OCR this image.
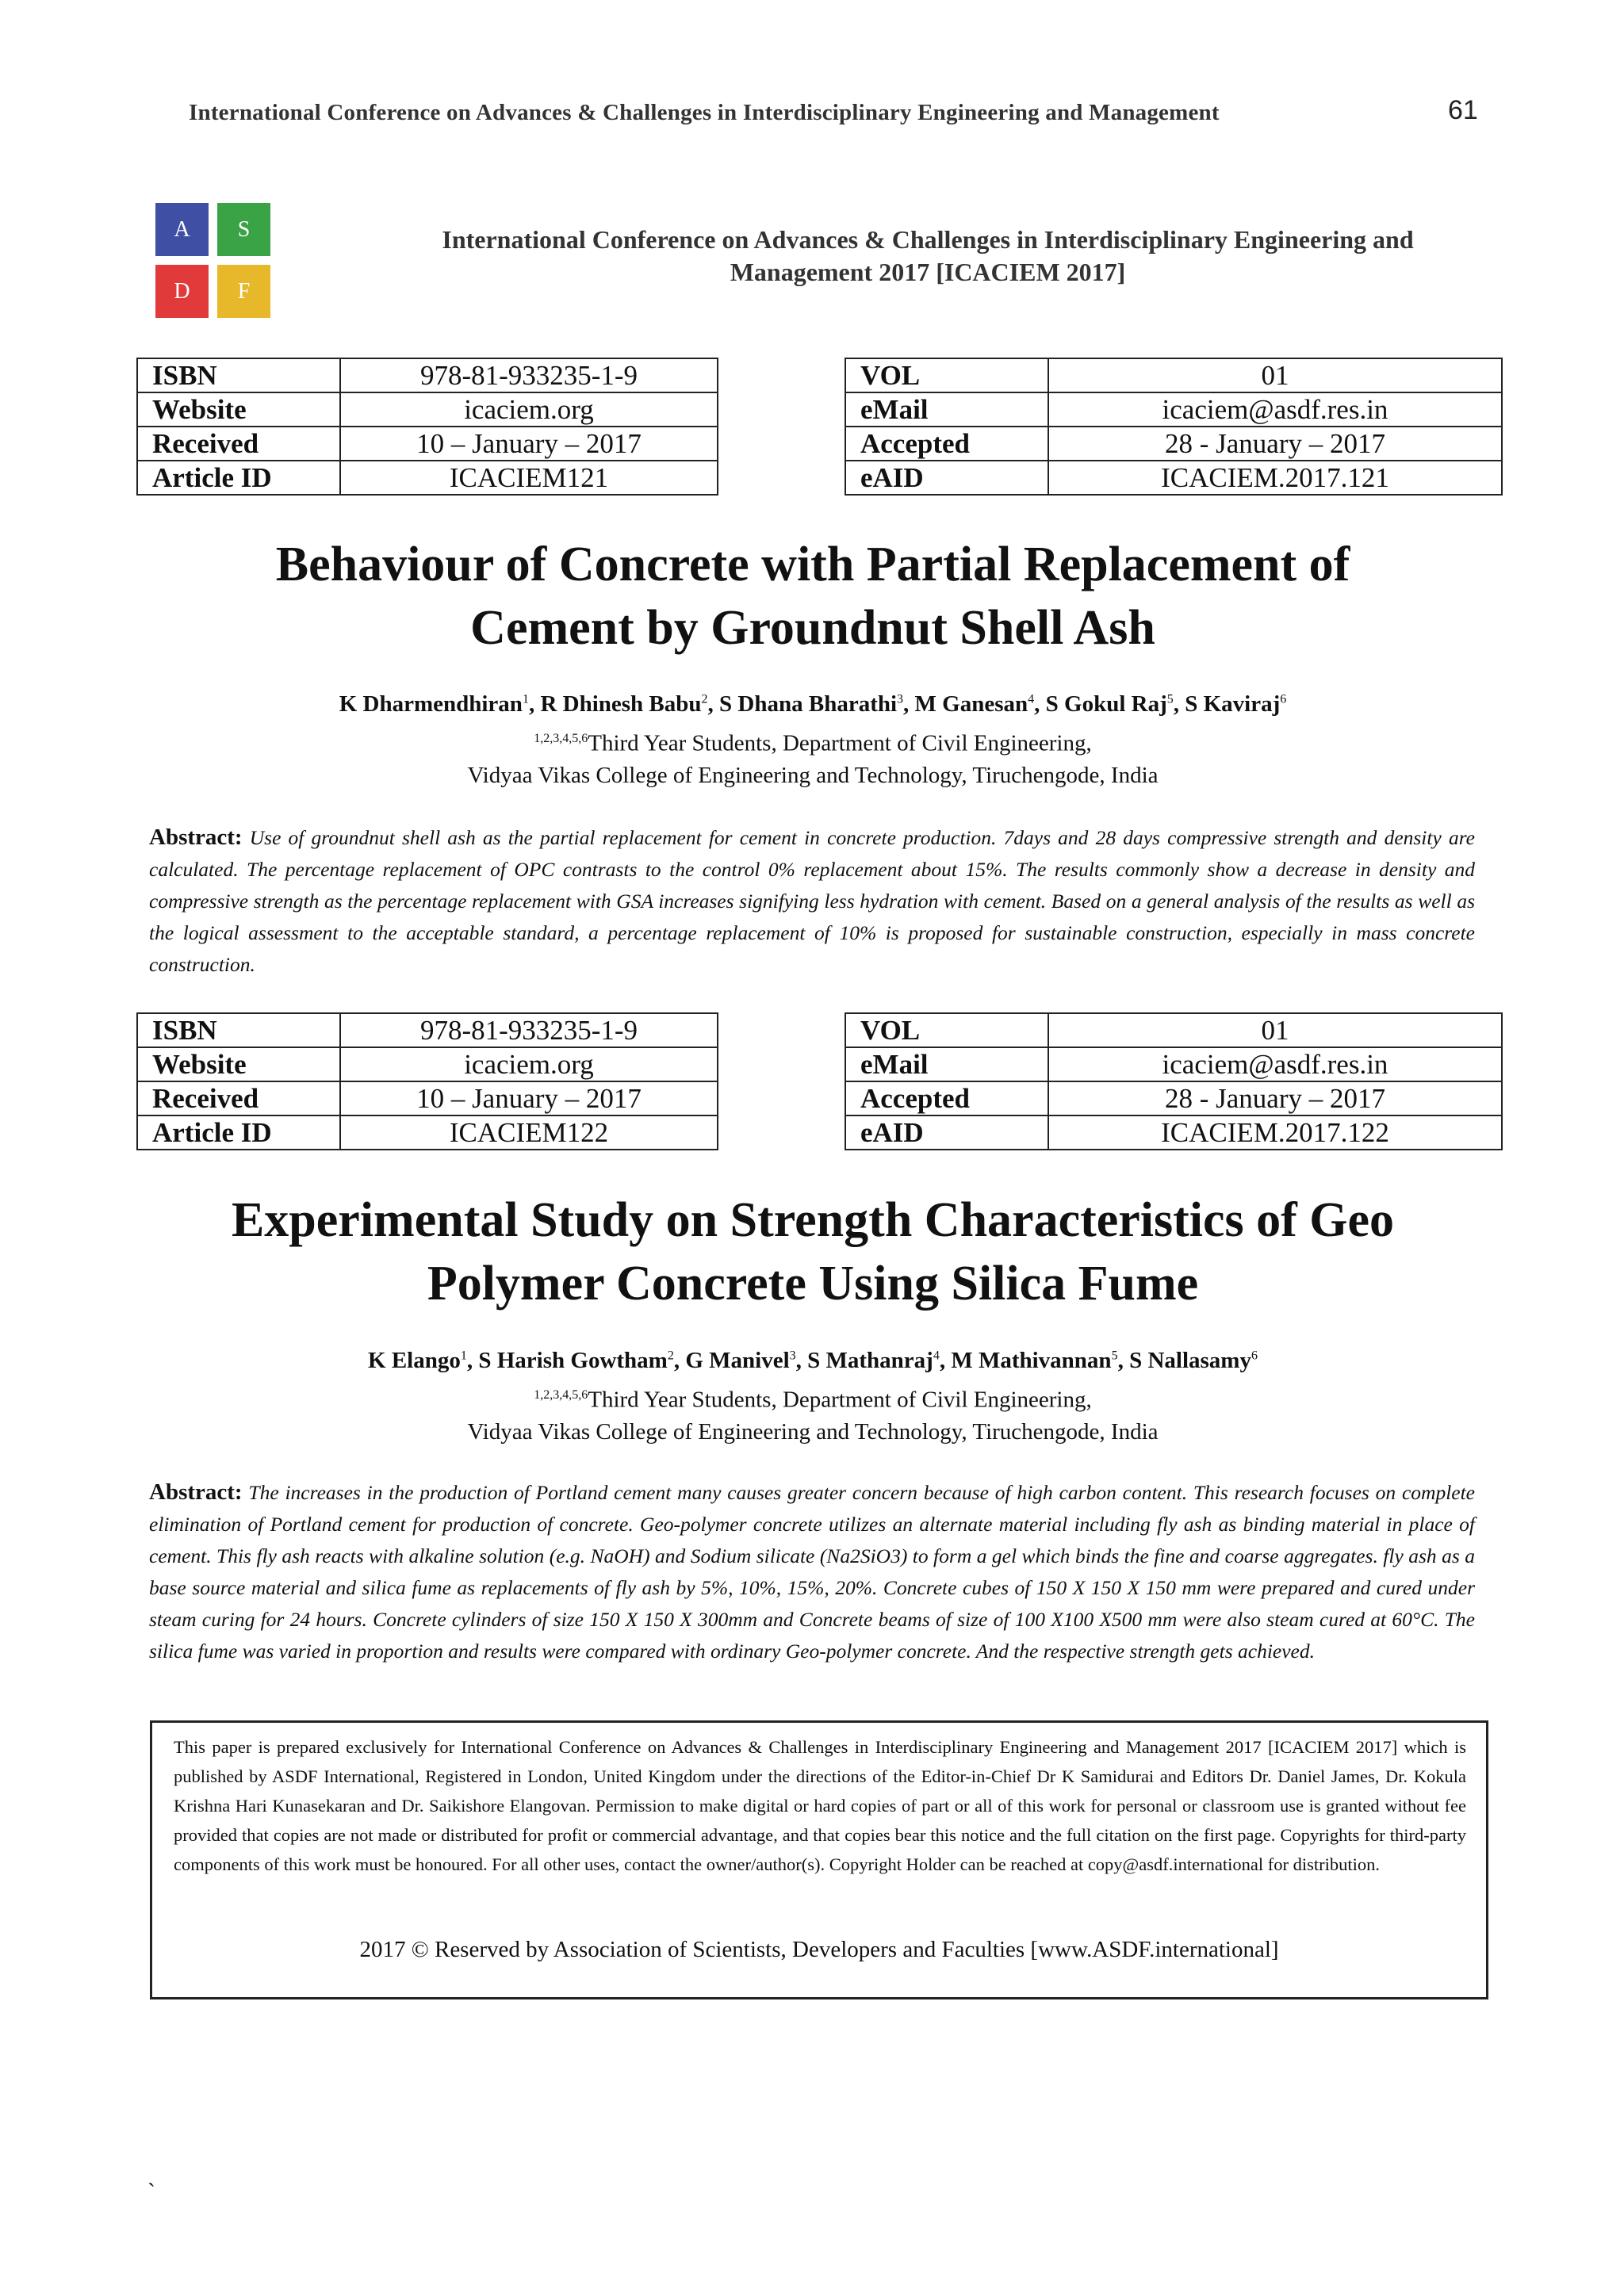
International Conference on Advances & Challenges in Interdisciplinary Engineering and Management	61
A	S
D	F
International Conference on Advances & Challenges in Interdisciplinary Engineering and
Management 2017 [ICACIEM 2017]
ISBN	978-81-933235-1-9
Website	icaciem.org
Received	10 – January – 2017
Article ID	ICACIEM121
VOL	01
eMail	icaciem@asdf.res.in
Accepted	28 - January – 2017
eAID	ICACIEM.2017.121
Behaviour of Concrete with Partial Replacement of
Cement by Groundnut Shell Ash
K Dharmendhiran$^1$, R Dhinesh Babu$^2$, S Dhana Bharathi$^3$, M Ganesan$^4$, S Gokul Raj$^5$, S Kaviraj$^6$
$^{1,2,3,4,5,6}$Third Year Students, Department of Civil Engineering,
Vidyaa Vikas College of Engineering and Technology, Tiruchengode, India
Abstract: Use of groundnut shell ash as the partial replacement for cement in concrete production. 7days and 28 days compressive strength and density are calculated. The percentage replacement of OPC contrasts to the control 0% replacement about 15%. The results commonly show a decrease in density and compressive strength as the percentage replacement with GSA increases signifying less hydration with cement. Based on a general analysis of the results as well as the logical assessment to the acceptable standard, a percentage replacement of 10% is proposed for sustainable construction, especially in mass concrete construction.
ISBN	978-81-933235-1-9
Website	icaciem.org
Received	10 – January – 2017
Article ID	ICACIEM122
VOL	01
eMail	icaciem@asdf.res.in
Accepted	28 - January – 2017
eAID	ICACIEM.2017.122
Experimental Study on Strength Characteristics of Geo
Polymer Concrete Using Silica Fume
K Elango$^1$, S Harish Gowtham$^2$, G Manivel$^3$, S Mathanraj$^4$, M Mathivannan$^5$, S Nallasamy$^6$
$^{1,2,3,4,5,6}$Third Year Students, Department of Civil Engineering,
Vidyaa Vikas College of Engineering and Technology, Tiruchengode, India
Abstract: The increases in the production of Portland cement many causes greater concern because of high carbon content. This research focuses on complete elimination of Portland cement for production of concrete. Geo-polymer concrete utilizes an alternate material including fly ash as binding material in place of cement. This fly ash reacts with alkaline solution (e.g. NaOH) and Sodium silicate (Na2SiO3) to form a gel which binds the fine and coarse aggregates. fly ash as a base source material and silica fume as replacements of fly ash by 5%, 10%, 15%, 20%. Concrete cubes of 150 X 150 X 150 mm were prepared and cured under steam curing for 24 hours. Concrete cylinders of size 150 X 150 X 300mm and Concrete beams of size of 100 X100 X500 mm were also steam cured at 60°C. The silica fume was varied in proportion and results were compared with ordinary Geo-polymer concrete. And the respective strength gets achieved.
This paper is prepared exclusively for International Conference on Advances & Challenges in Interdisciplinary Engineering and Management 2017 [ICACIEM 2017] which is published by ASDF International, Registered in London, United Kingdom under the directions of the Editor-in-Chief Dr K Samidurai and Editors Dr. Daniel James, Dr. Kokula Krishna Hari Kunasekaran and Dr. Saikishore Elangovan. Permission to make digital or hard copies of part or all of this work for personal or classroom use is granted without fee provided that copies are not made or distributed for profit or commercial advantage, and that copies bear this notice and the full citation on the first page. Copyrights for third-party components of this work must be honoured. For all other uses, contact the owner/author(s). Copyright Holder can be reached at copy@asdf.international for distribution.
2017 © Reserved by Association of Scientists, Developers and Faculties [www.ASDF.international]
`
